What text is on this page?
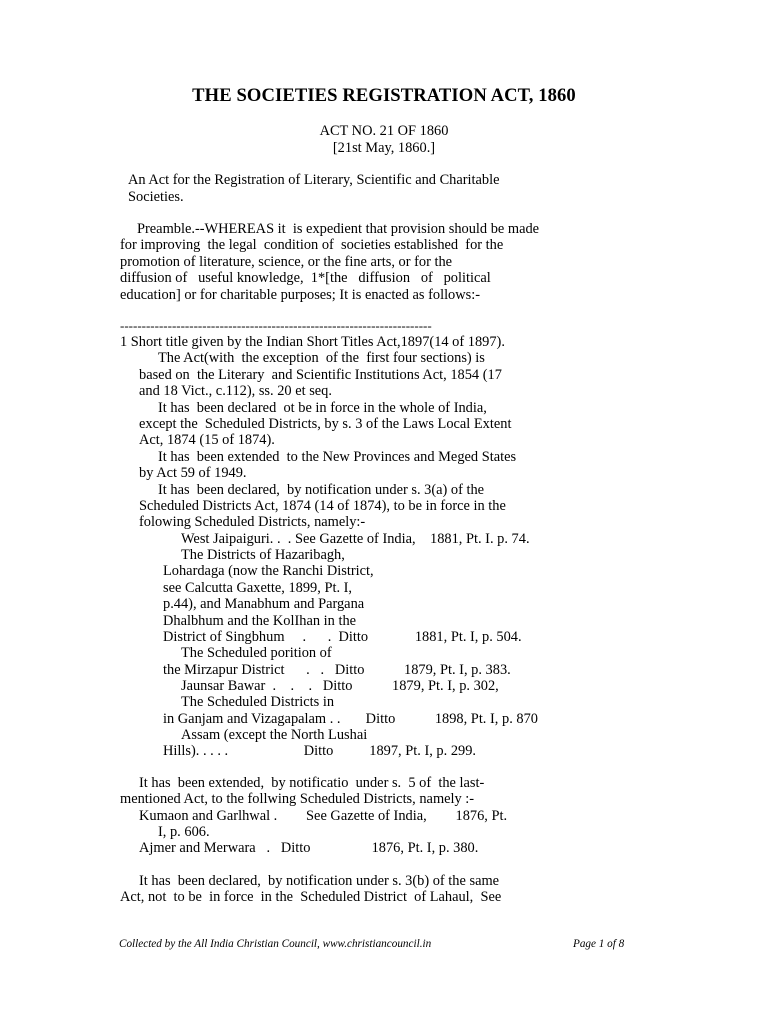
THE SOCIETIES REGISTRATION ACT, 1860
ACT NO. 21 OF 1860
[21st May, 1860.]
An Act for the Registration of Literary, Scientific and Charitable
Societies.
Preamble.--WHEREAS it  is expedient that provision should be made
for improving  the legal  condition of  societies established  for the
promotion of literature, science, or the fine arts, or for the
diffusion of   useful knowledge,  1*[the   diffusion   of   political
education] or for charitable purposes; It is enacted as follows:-
------------------------------------------------------------------------
1 Short title given by the Indian Short Titles Act,1897(14 of 1897).
The Act(with  the exception  of the  first four sections) is
based on  the Literary  and Scientific Institutions Act, 1854 (17
and 18 Vict., c.112), ss. 20 et seq.
It has  been declared  ot be in force in the whole of India,
except the  Scheduled Districts, by s. 3 of the Laws Local Extent
Act, 1874 (15 of 1874).
It has  been extended  to the New Provinces and Meged States
by Act 59 of 1949.
It has  been declared,  by notification under s. 3(a) of the
Scheduled Districts Act, 1874 (14 of 1874), to be in force in the
folowing Scheduled Districts, namely:-
West Jaipaiguri. .  . See Gazette of India,    1881, Pt. I. p. 74.
The Districts of Hazaribagh,
Lohardaga (now the Ranchi District,
see Calcutta Gaxette, 1899, Pt. I,
p.44), and Manabhum and Pargana
Dhalbhum and the KolIhan in the
District of Singbhum     .      .  Ditto             1881, Pt. I, p. 504.
The Scheduled porition of
the Mirzapur District      .   .   Ditto           1879, Pt. I, p. 383.
Jaunsar Bawar  .    .    .   Ditto           1879, Pt. I, p. 302,
The Scheduled Districts in
in Ganjam and Vizagapalam . .       Ditto           1898, Pt. I, p. 870
Assam (except the North Lushai
Hills). . . . .                     Ditto          1897, Pt. I, p. 299.
It has  been extended,  by notificatio  under s.  5 of  the last-
mentioned Act, to the follwing Scheduled Districts, namely :-
Kumaon and Garlhwal .        See Gazette of India,        1876, Pt.
I, p. 606.
Ajmer and Merwara   .   Ditto                 1876, Pt. I, p. 380.
It has  been declared,  by notification under s. 3(b) of the same
Act, not  to be  in force  in the  Scheduled District  of Lahaul,  See
Collected by the All India Christian Council, www.christiancouncil.in	Page 1 of 8
